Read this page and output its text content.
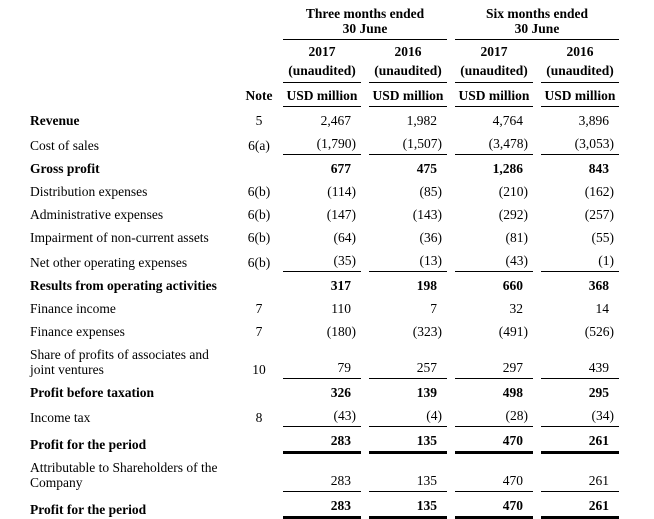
		Three months ended
30 June		Six months ended
30 June	
		2017	2016	2017	2016
		(unaudited)	(unaudited)	(unaudited)	(unaudited)
	Note	USD million	USD million	USD million	USD million
Revenue	5	2,467	1,982	4,764	3,896
Cost of sales	6(a)	(1,790)	(1,507)	(3,478)	(3,053)
Gross profit		677	475	1,286	843
Distribution expenses	6(b)	(114)	(85)	(210)	(162)
Administrative expenses	6(b)	(147)	(143)	(292)	(257)
Impairment of non-current assets	6(b)	(64)	(36)	(81)	(55)
Net other operating expenses	6(b)	(35)	(13)	(43)	(1)
Results from operating activities		317	198	660	368
Finance income	7	110	7	32	14
Finance expenses	7	(180)	(323)	(491)	(526)
Share of profits of associates and joint ventures	10	79	257	297	439
Profit before taxation		326	139	498	295
Income tax	8	(43)	(4)	(28)	(34)
Profit for the period		283	135	470	261
Attributable to Shareholders of the Company		283	135	470	261
Profit for the period		283	135	470	261
